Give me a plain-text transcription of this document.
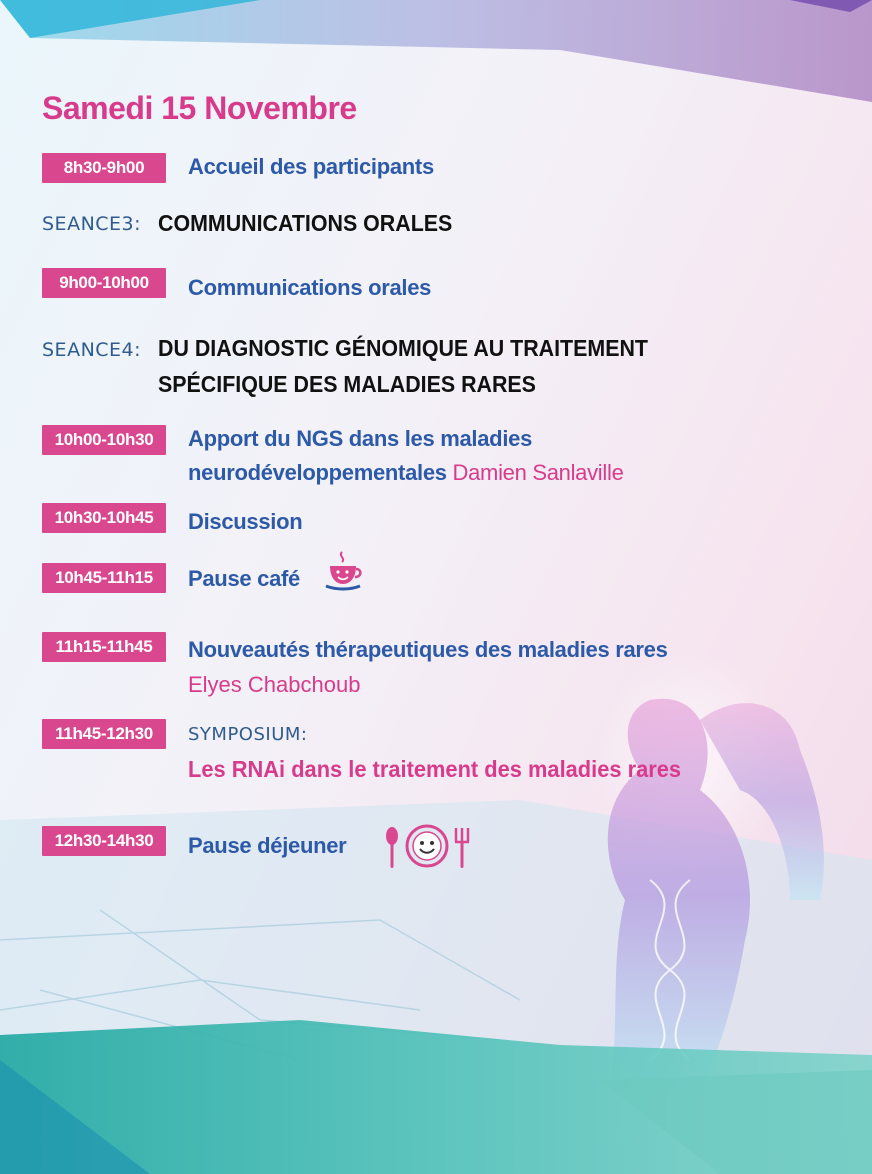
Samedi 15 Novembre
8h30-9h00	Accueil des participants
SEANCE3: COMMUNICATIONS ORALES
9h00-10h00	Communications orales
SEANCE4: DU DIAGNOSTIC GÉNOMIQUE AU TRAITEMENT
SPÉCIFIQUE DES MALADIES RARES
10h00-10h30	Apport du NGS dans les maladies
neurodéveloppementales Damien Sanlaville
10h30-10h45	Discussion
10h45-11h15	Pause café
11h15-11h45	Nouveautés thérapeutiques des maladies rares
Elyes Chabchoub
11h45-12h30	SYMPOSIUM:
Les RNAi dans le traitement des maladies rares
12h30-14h30	Pause déjeuner
